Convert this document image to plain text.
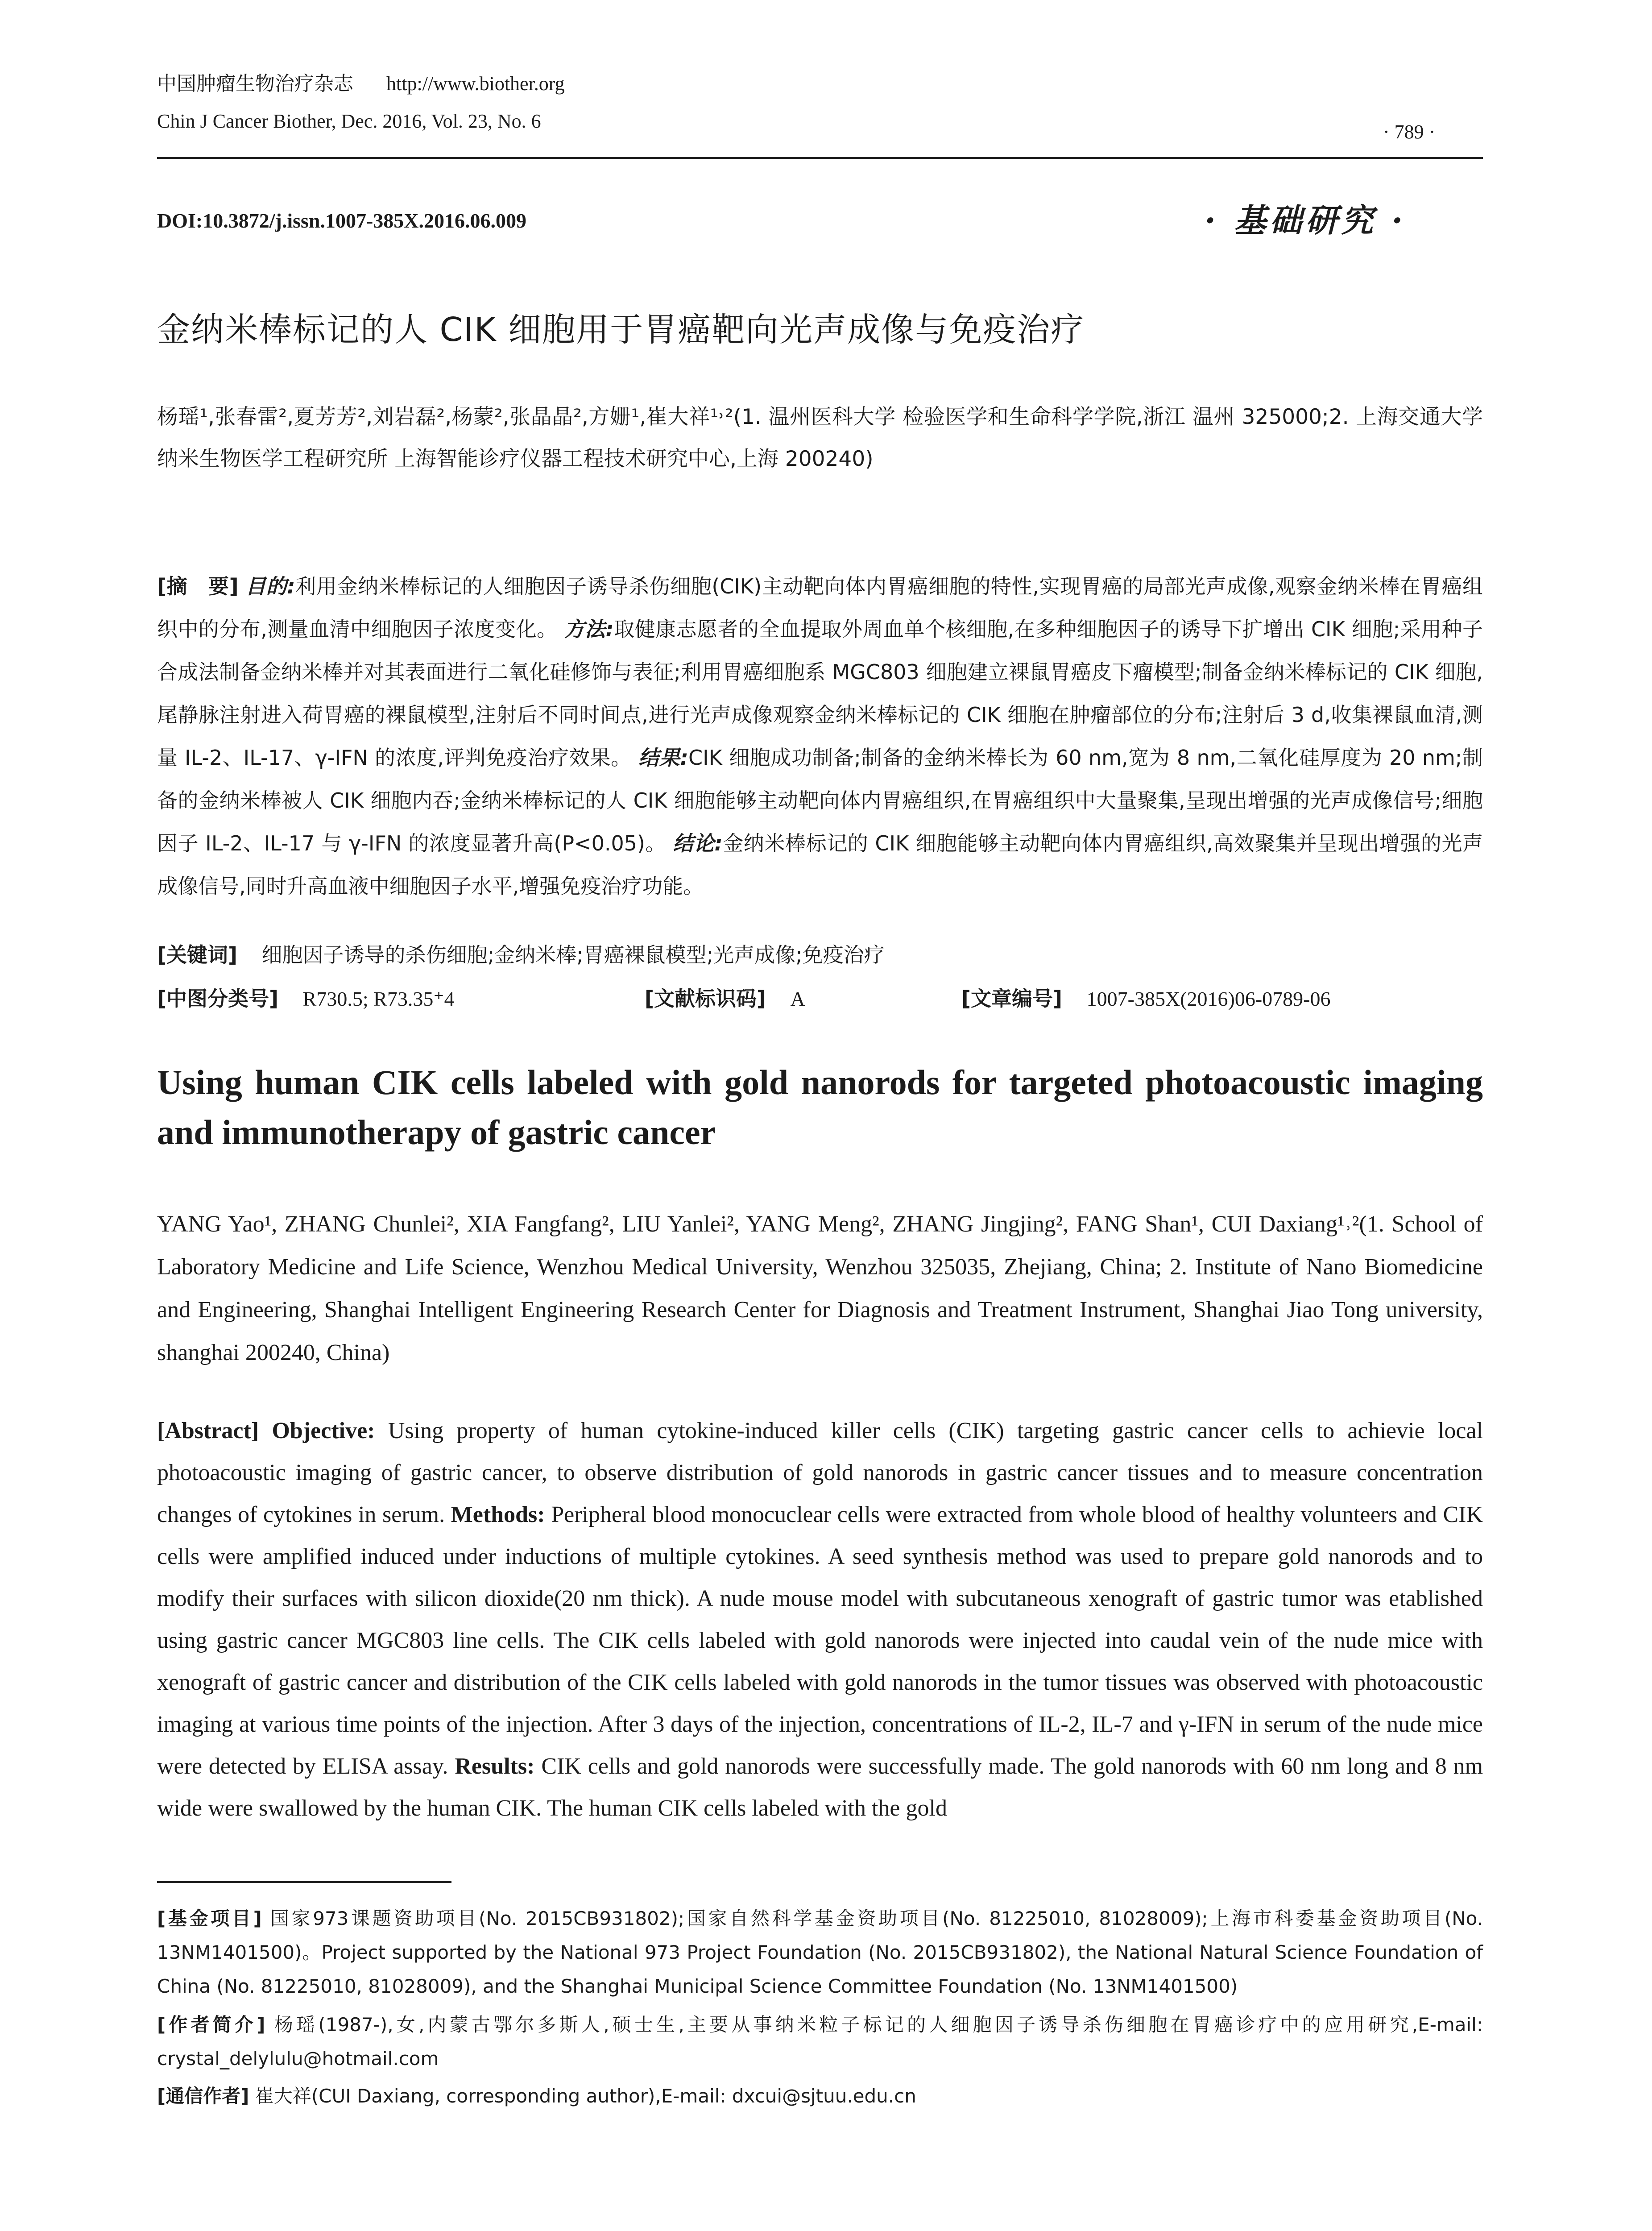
中国肿瘤生物治疗杂志 http://www.biother.org
Chin J Cancer Biother, Dec. 2016, Vol. 23, No. 6	· 789 ·
DOI:10.3872/j.issn.1007-385X.2016.06.009	· 基础研究 ·
金纳米棒标记的人 CIK 细胞用于胃癌靶向光声成像与免疫治疗
杨瑶¹,张春雷²,夏芳芳²,刘岩磊²,杨蒙²,张晶晶²,方姗¹,崔大祥¹˒²(1. 温州医科大学 检验医学和生命科学学院,浙江 温州 325000;2. 上海交通大学 纳米生物医学工程研究所 上海智能诊疗仪器工程技术研究中心,上海 200240)
[摘　要] 目的:利用金纳米棒标记的人细胞因子诱导杀伤细胞(CIK)主动靶向体内胃癌细胞的特性,实现胃癌的局部光声成像,观察金纳米棒在胃癌组织中的分布,测量血清中细胞因子浓度变化。 方法:取健康志愿者的全血提取外周血单个核细胞,在多种细胞因子的诱导下扩增出 CIK 细胞;采用种子合成法制备金纳米棒并对其表面进行二氧化硅修饰与表征;利用胃癌细胞系 MGC803 细胞建立裸鼠胃癌皮下瘤模型;制备金纳米棒标记的 CIK 细胞,尾静脉注射进入荷胃癌的裸鼠模型,注射后不同时间点,进行光声成像观察金纳米棒标记的 CIK 细胞在肿瘤部位的分布;注射后 3 d,收集裸鼠血清,测量 IL-2、IL-17、γ-IFN 的浓度,评判免疫治疗效果。 结果:CIK 细胞成功制备;制备的金纳米棒长为 60 nm,宽为 8 nm,二氧化硅厚度为 20 nm;制备的金纳米棒被人 CIK 细胞内吞;金纳米棒标记的人 CIK 细胞能够主动靶向体内胃癌组织,在胃癌组织中大量聚集,呈现出增强的光声成像信号;细胞因子 IL-2、IL-17 与 γ-IFN 的浓度显著升高(P<0.05)。 结论:金纳米棒标记的 CIK 细胞能够主动靶向体内胃癌组织,高效聚集并呈现出增强的光声成像信号,同时升高血液中细胞因子水平,增强免疫治疗功能。
[关键词] 细胞因子诱导的杀伤细胞;金纳米棒;胃癌裸鼠模型;光声成像;免疫治疗
[中图分类号] R730.5; R73.35⁺4	[文献标识码] A	[文章编号] 1007-385X(2016)06-0789-06
Using human CIK cells labeled with gold nanorods for targeted photoacoustic imaging and immunotherapy of gastric cancer
YANG Yao¹, ZHANG Chunlei², XIA Fangfang², LIU Yanlei², YANG Meng², ZHANG Jingjing², FANG Shan¹, CUI Daxiang¹˒²(1. School of Laboratory Medicine and Life Science, Wenzhou Medical University, Wenzhou 325035, Zhejiang, China; 2. Institute of Nano Biomedicine and Engineering, Shanghai Intelligent Engineering Research Center for Diagnosis and Treatment Instrument, Shanghai Jiao Tong university, shanghai 200240, China)
[Abstract] Objective: Using property of human cytokine-induced killer cells (CIK) targeting gastric cancer cells to achievie local photoacoustic imaging of gastric cancer, to observe distribution of gold nanorods in gastric cancer tissues and to measure concentration changes of cytokines in serum. Methods: Peripheral blood monocuclear cells were extracted from whole blood of healthy volunteers and CIK cells were amplified induced under inductions of multiple cytokines. A seed synthesis method was used to prepare gold nanorods and to modify their surfaces with silicon dioxide(20 nm thick). A nude mouse model with subcutaneous xenograft of gastric tumor was etablished using gastric cancer MGC803 line cells. The CIK cells labeled with gold nanorods were injected into caudal vein of the nude mice with xenograft of gastric cancer and distribution of the CIK cells labeled with gold nanorods in the tumor tissues was observed with photoacoustic imaging at various time points of the injection. After 3 days of the injection, concentrations of IL-2, IL-7 and γ-IFN in serum of the nude mice were detected by ELISA assay. Results: CIK cells and gold nanorods were successfully made. The gold nanorods with 60 nm long and 8 nm wide were swallowed by the human CIK. The human CIK cells labeled with the gold
[基金项目] 国家973课题资助项目(No. 2015CB931802);国家自然科学基金资助项目(No. 81225010, 81028009);上海市科委基金资助项目(No. 13NM1401500)。Project supported by the National 973 Project Foundation (No. 2015CB931802), the National Natural Science Foundation of China (No. 81225010, 81028009), and the Shanghai Municipal Science Committee Foundation (No. 13NM1401500)
[作者简介] 杨瑶(1987-),女,内蒙古鄂尔多斯人,硕士生,主要从事纳米粒子标记的人细胞因子诱导杀伤细胞在胃癌诊疗中的应用研究,E-mail: crystal_delylulu@hotmail.com
[通信作者] 崔大祥(CUI Daxiang, corresponding author),E-mail: dxcui@sjtuu.edu.cn
